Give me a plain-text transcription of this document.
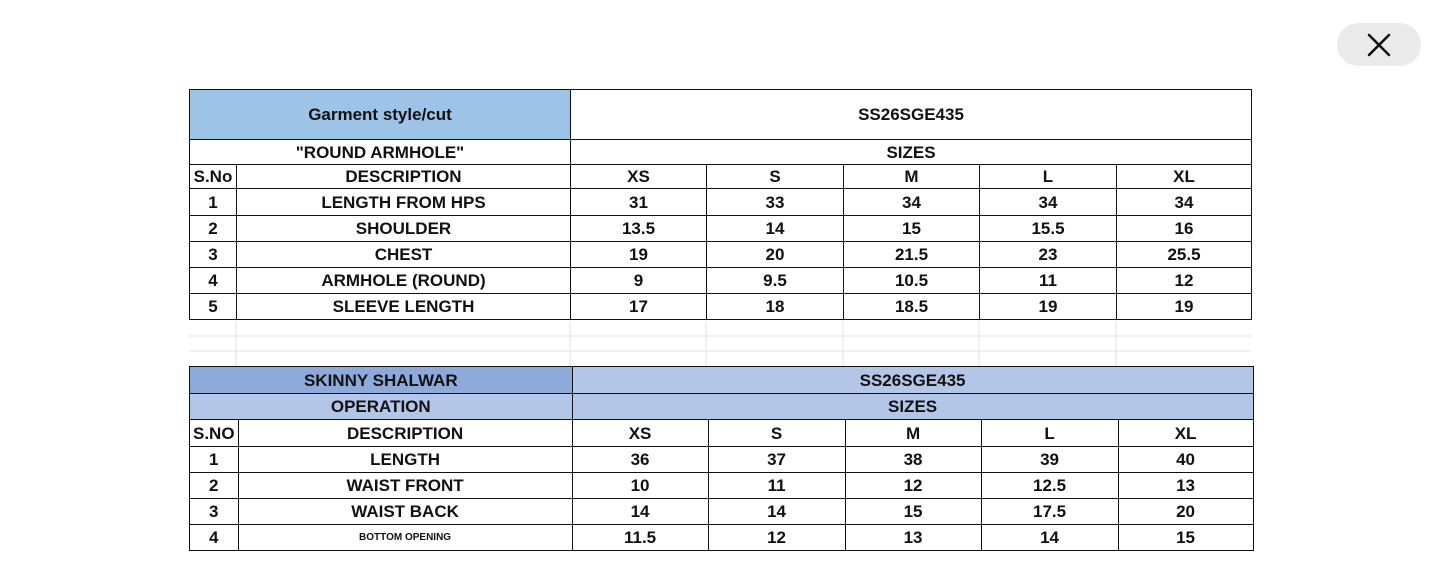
Garment style/cut		SS26SGE435				
"ROUND ARMHOLE"		SIZES				
S.No	DESCRIPTION	XS	S	M	L	XL
1	LENGTH FROM HPS	31	33	34	34	34
2	SHOULDER	13.5	14	15	15.5	16
3	CHEST	19	20	21.5	23	25.5
4	ARMHOLE (ROUND)	9	9.5	10.5	11	12
5	SLEEVE LENGTH	17	18	18.5	19	19
SKINNY SHALWAR		SS26SGE435				
OPERATION		SIZES				
S.NO	DESCRIPTION	XS	S	M	L	XL
1	LENGTH	36	37	38	39	40
2	WAIST FRONT	10	11	12	12.5	13
3	WAIST BACK	14	14	15	17.5	20
4	BOTTOM OPENING	11.5	12	13	14	15
